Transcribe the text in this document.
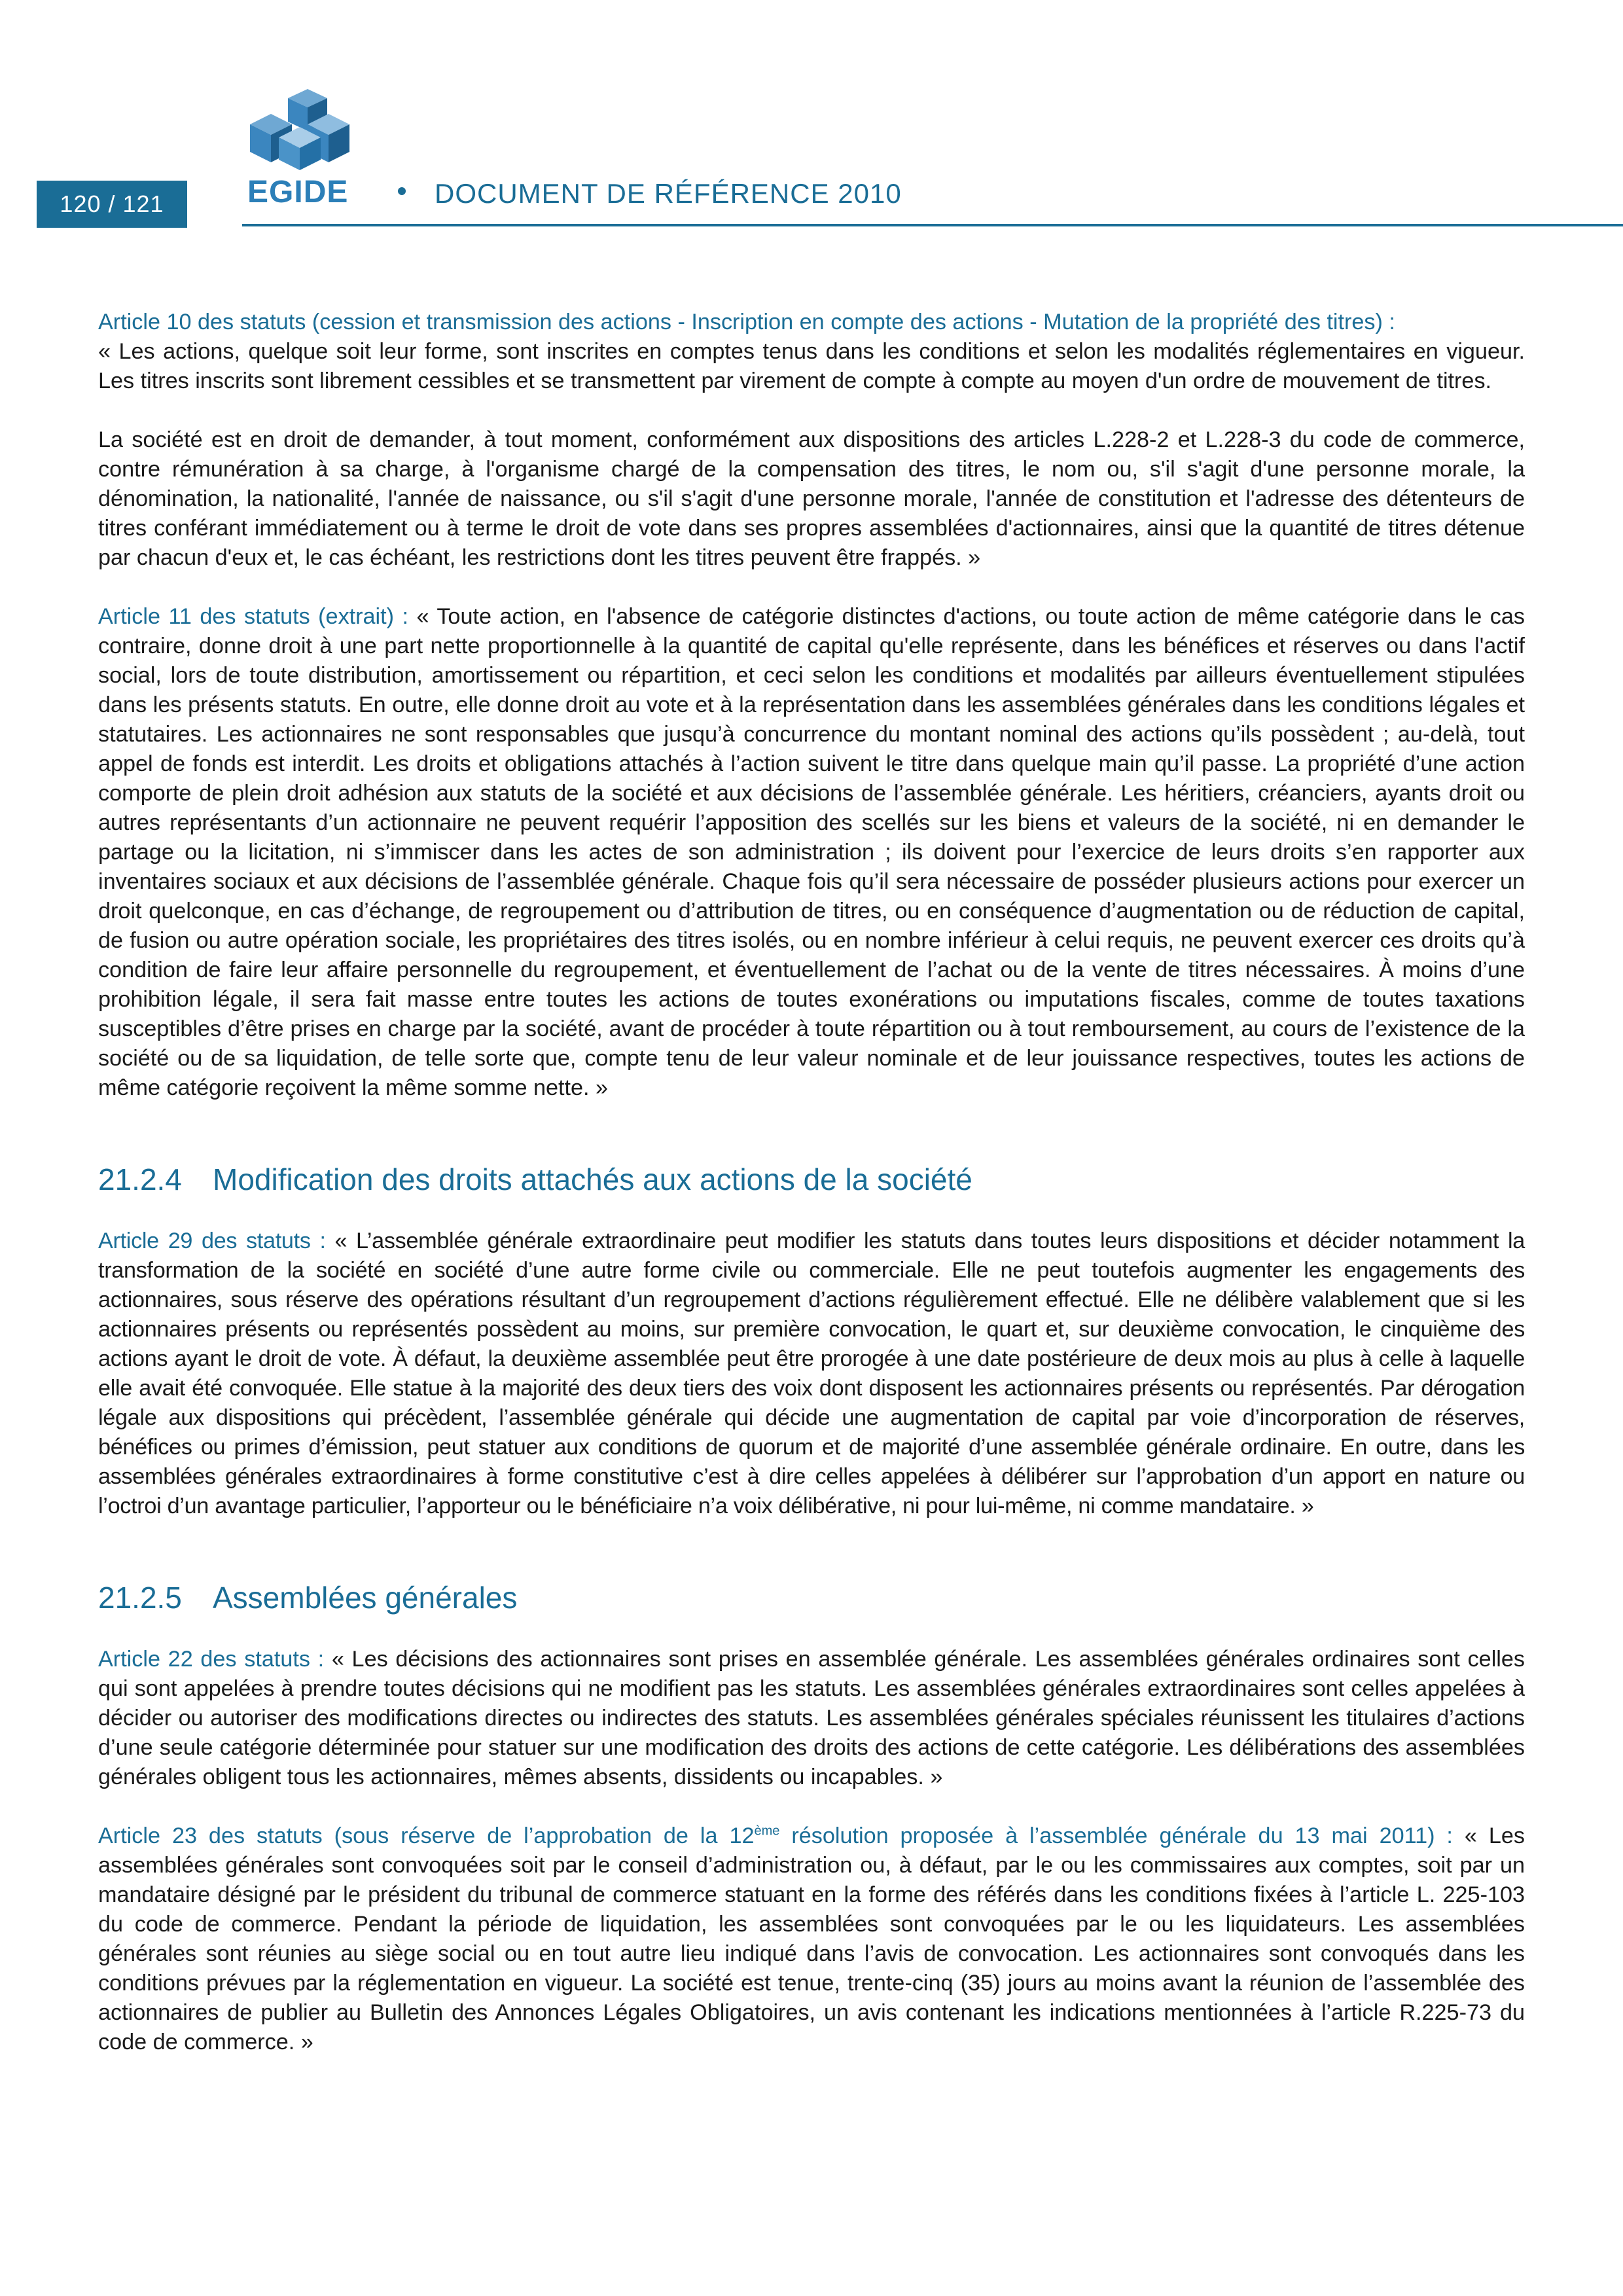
120 / 121	EGIDE	DOCUMENT DE RÉFÉRENCE 2010

Article 10 des statuts (cession et transmission des actions - Inscription en compte des actions - Mutation de la propriété des titres) :
« Les actions, quelque soit leur forme, sont inscrites en comptes tenus dans les conditions et selon les modalités réglementaires en vigueur. Les titres inscrits sont librement cessibles et se transmettent par virement de compte à compte au moyen d'un ordre de mouvement de titres.

La société est en droit de demander, à tout moment, conformément aux dispositions des articles L.228-2 et L.228-3 du code de commerce, contre rémunération à sa charge, à l'organisme chargé de la compensation des titres, le nom ou, s'il s'agit d'une personne morale, la dénomination, la nationalité, l'année de naissance, ou s'il s'agit d'une personne morale, l'année de constitution et l'adresse des détenteurs de titres conférant immédiatement ou à terme le droit de vote dans ses propres assemblées d'actionnaires, ainsi que la quantité de titres détenue par chacun d'eux et, le cas échéant, les restrictions dont les titres peuvent être frappés. »

Article 11 des statuts (extrait) : « Toute action, en l'absence de catégorie distinctes d'actions, ou toute action de même catégorie dans le cas contraire, donne droit à une part nette proportionnelle à la quantité de capital qu'elle représente, dans les bénéfices et réserves ou dans l'actif social, lors de toute distribution, amortissement ou répartition, et ceci selon les conditions et modalités par ailleurs éventuellement stipulées dans les présents statuts. En outre, elle donne droit au vote et à la représentation dans les assemblées générales dans les conditions légales et statutaires. Les actionnaires ne sont responsables que jusqu’à concurrence du montant nominal des actions qu’ils possèdent ; au-delà, tout appel de fonds est interdit. Les droits et obligations attachés à l’action suivent le titre dans quelque main qu’il passe. La propriété d’une action comporte de plein droit adhésion aux statuts de la société et aux décisions de l’assemblée générale. Les héritiers, créanciers, ayants droit ou autres représentants d’un actionnaire ne peuvent requérir l’apposition des scellés sur les biens et valeurs de la société, ni en demander le partage ou la licitation, ni s’immiscer dans les actes de son administration ; ils doivent pour l’exercice de leurs droits s’en rapporter aux inventaires sociaux et aux décisions de l’assemblée générale. Chaque fois qu’il sera nécessaire de posséder plusieurs actions pour exercer un droit quelconque, en cas d’échange, de regroupement ou d’attribution de titres, ou en conséquence d’augmentation ou de réduction de capital, de fusion ou autre opération sociale, les propriétaires des titres isolés, ou en nombre inférieur à celui requis, ne peuvent exercer ces droits qu’à condition de faire leur affaire personnelle du regroupement, et éventuellement de l’achat ou de la vente de titres nécessaires. À moins d’une prohibition légale, il sera fait masse entre toutes les actions de toutes exonérations ou imputations fiscales, comme de toutes taxations susceptibles d’être prises en charge par la société, avant de procéder à toute répartition ou à tout remboursement, au cours de l’existence de la société ou de sa liquidation, de telle sorte que, compte tenu de leur valeur nominale et de leur jouissance respectives, toutes les actions de même catégorie reçoivent la même somme nette. »

21.2.4 Modification des droits attachés aux actions de la société

Article 29 des statuts : « L’assemblée générale extraordinaire peut modifier les statuts dans toutes leurs dispositions et décider notamment la transformation de la société en société d’une autre forme civile ou commerciale. Elle ne peut toutefois augmenter les engagements des actionnaires, sous réserve des opérations résultant d’un regroupement d’actions régulièrement effectué. Elle ne délibère valablement que si les actionnaires présents ou représentés possèdent au moins, sur première convocation, le quart et, sur deuxième convocation, le cinquième des actions ayant le droit de vote. À défaut, la deuxième assemblée peut être prorogée à une date postérieure de deux mois au plus à celle à laquelle elle avait été convoquée. Elle statue à la majorité des deux tiers des voix dont disposent les actionnaires présents ou représentés. Par dérogation légale aux dispositions qui précèdent, l’assemblée générale qui décide une augmentation de capital par voie d’incorporation de réserves, bénéfices ou primes d’émission, peut statuer aux conditions de quorum et de majorité d’une assemblée générale ordinaire. En outre, dans les assemblées générales extraordinaires à forme constitutive c’est à dire celles appelées à délibérer sur l’approbation d’un apport en nature ou l’octroi d’un avantage particulier, l’apporteur ou le bénéficiaire n’a voix délibérative, ni pour lui-même, ni comme mandataire. »

21.2.5 Assemblées générales

Article 22 des statuts : « Les décisions des actionnaires sont prises en assemblée générale. Les assemblées générales ordinaires sont celles qui sont appelées à prendre toutes décisions qui ne modifient pas les statuts. Les assemblées générales extraordinaires sont celles appelées à décider ou autoriser des modifications directes ou indirectes des statuts. Les assemblées générales spéciales réunissent les titulaires d’actions d’une seule catégorie déterminée pour statuer sur une modification des droits des actions de cette catégorie. Les délibérations des assemblées générales obligent tous les actionnaires, mêmes absents, dissidents ou incapables. »

Article 23 des statuts (sous réserve de l’approbation de la 12ème résolution proposée à l’assemblée générale du 13 mai 2011) : « Les assemblées générales sont convoquées soit par le conseil d’administration ou, à défaut, par le ou les commissaires aux comptes, soit par un mandataire désigné par le président du tribunal de commerce statuant en la forme des référés dans les conditions fixées à l’article L. 225-103 du code de commerce. Pendant la période de liquidation, les assemblées sont convoquées par le ou les liquidateurs. Les assemblées générales sont réunies au siège social ou en tout autre lieu indiqué dans l’avis de convocation. Les actionnaires sont convoqués dans les conditions prévues par la réglementation en vigueur. La société est tenue, trente-cinq (35) jours au moins avant la réunion de l’assemblée des actionnaires de publier au Bulletin des Annonces Légales Obligatoires, un avis contenant les indications mentionnées à l’article R.225-73 du code de commerce. »
